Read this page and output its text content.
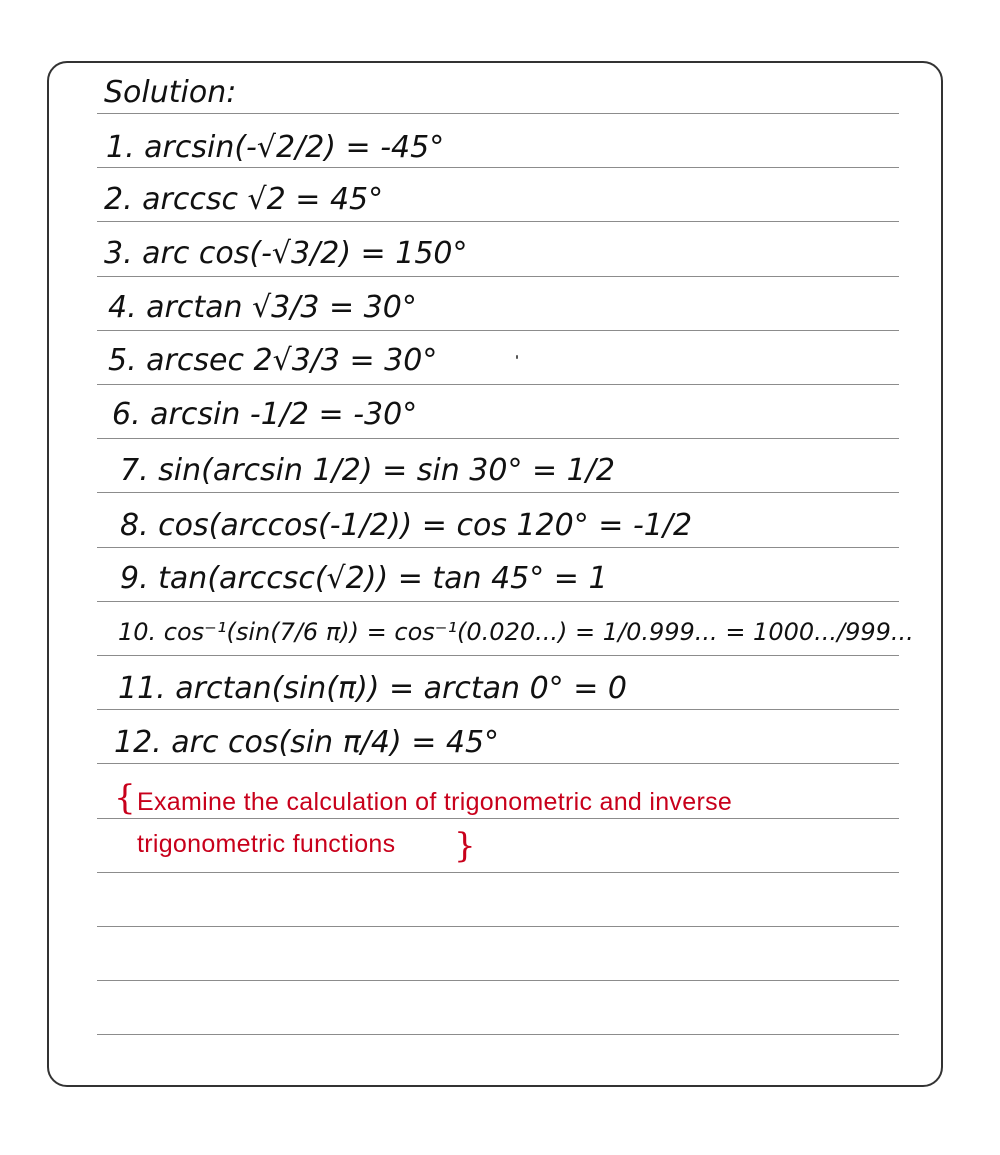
Solution:
1. arcsin(-√2/2) = -45°
2. arccsc √2 = 45°
3. arc cos(-√3/2) = 150°
4. arctan √3/3 = 30°
5. arcsec 2√3/3 = 30°
6. arcsin -1/2 = -30°
7. sin(arcsin 1/2) = sin 30° = 1/2
8. cos(arccos(-1/2)) = cos 120° = -1/2
9. tan(arccsc(√2)) = tan 45° = 1
10. cos⁻¹(sin(7/6 π)) = cos⁻¹(0.020...) = 1/0.999... = 1000.../999...
11. arctan(sin(π)) = arctan 0° = 0
12. arc cos(sin π/4) = 45°
{ Examine the calculation of trigonometric and inverse
trigonometric functions }
